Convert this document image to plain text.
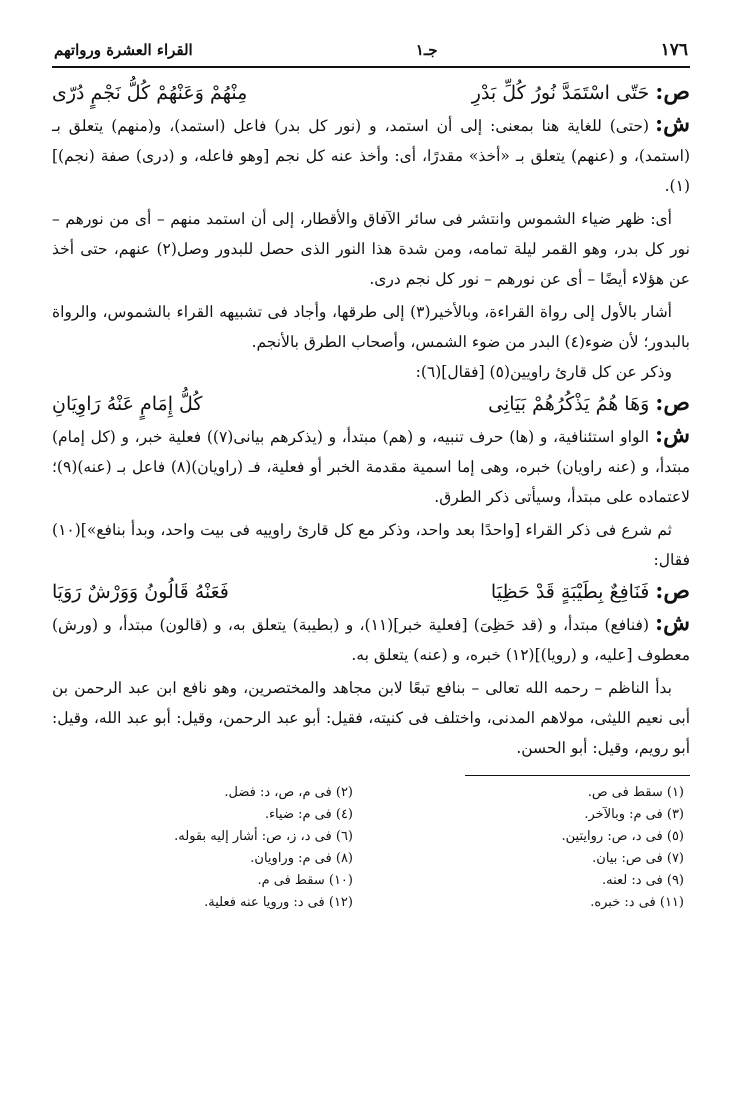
١٧٦
جـ١
القراء العشرة ورواتهم
ص:حَتّى اسْتَمَدَّ نُورُ كُلِّ بَدْرِ
مِنْهُمْ وَعَنْهُمْ كُلُّ نَجْمٍ دُرّى

ش:(حتى) للغاية هنا بمعنى: إلى أن استمد، و (نور كل بدر) فاعل (استمد)، و(منهم) يتعلق بـ (استمد)، و (عنهم) يتعلق بـ «أخذ» مقدرًا، أى: وأخذ عنه كل نجم [وهو فاعله، و (درى) صفة (نجم)](١).

أى: ظهر ضياء الشموس وانتشر فى سائر الآفاق والأقطار، إلى أن استمد منهم – أى من نورهم – نور كل بدر، وهو القمر ليلة تمامه، ومن شدة هذا النور الذى حصل للبدور وصل(٢) عنهم، حتى أخذ عن هؤلاء أيضًا – أى عن نورهم – نور كل نجم درى.

أشار بالأول إلى رواة القراءة، وبالأخير(٣) إلى طرقها، وأجاد فى تشبيهه القراء بالشموس، والرواة بالبدور؛ لأن ضوء(٤) البدر من ضوء الشمس، وأصحاب الطرق بالأنجم.

وذكر عن كل قارئ راويين(٥) [فقال](٦):

ص:وَهَا هُمُ يَذْكُرُهُمْ بَيَانِى
كُلُّ إِمَامٍ عَنْهُ رَاوِيَانِ

ش:الواو استئنافية، و (ها) حرف تنبيه، و (هم) مبتدأ، و (يذكرهم بيانى(٧)) فعلية خبر، و (كل إمام) مبتدأ، و (عنه راويان) خبره، وهى إما اسمية مقدمة الخبر أو فعلية، فـ (راويان)(٨) فاعل بـ (عنه)(٩)؛ لاعتماده على مبتدأ، وسيأتى ذكر الطرق.

ثم شرع فى ذكر القراء [واحدًا بعد واحد، وذكر مع كل قارئ راوييه فى بيت واحد، وبدأ بنافع»](١٠) فقال:

ص:فَنَافِعٌ بِطَيْبَةٍ قَدْ حَظِيَا
فَعَنْهُ قَالُونُ وَوَرْشٌ رَوَيَا

ش:(فنافع) مبتدأ، و (قد حَظِىَ) [فعلية خبر](١١)، و (بطيبة) يتعلق به، و (قالون) مبتدأ، و (ورش) معطوف [عليه، و (رويا)](١٢) خبره، و (عنه) يتعلق به.

بدأ الناظم – رحمه الله تعالى – بنافع تبعًا لابن مجاهد والمختصرين، وهو نافع ابن عبد الرحمن بن أبى نعيم الليثى، مولاهم المدنى، واختلف فى كنيته، فقيل: أبو عبد الرحمن، وقيل: أبو عبد الله، وقيل: أبو رويم، وقيل: أبو الحسن.

(١) سقط فى ص.
(٢) فى م، ص، د: فضل.
(٣) فى م: وبالآخر.
(٤) فى م: ضياء.
(٥) فى د، ص: روايتين.
(٦) فى د، ز، ص: أشار إليه بقوله.
(٧) فى ص: بيان.
(٨) فى م: وراويان.
(٩) فى د: لعنه.
(١٠) سقط فى م.
(١١) فى د: خبره.
(١٢) فى د: ورويا عنه فعلية.
